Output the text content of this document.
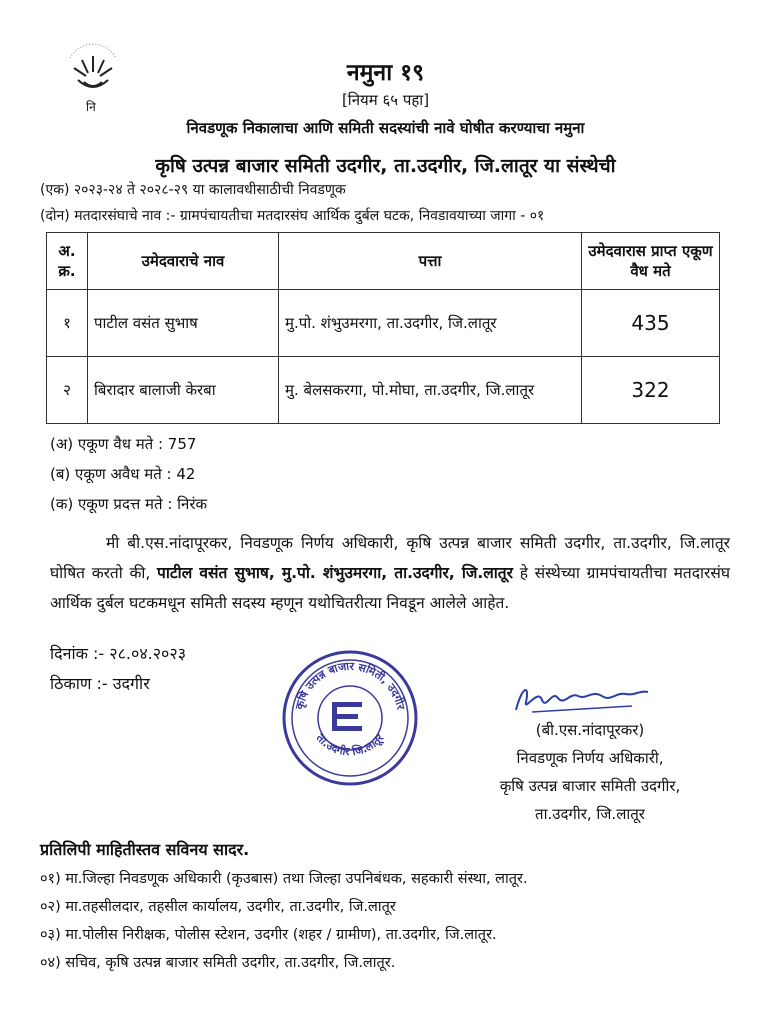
नि
नमुना १९
[नियम ६५ पहा]
निवडणूक निकालाचा आणि समिती सदस्यांची नावे घोषीत करण्याचा नमुना
कृषि उत्पन्न बाजार समिती उदगीर, ता.उदगीर, जि.लातूर या संस्थेची
(एक) २०२३-२४ ते २०२८-२९ या कालावधीसाठीची निवडणूक
(दोन) मतदारसंघाचे नाव :- ग्रामपंचायतीचा मतदारसंघ आर्थिक दुर्बल घटक, निवडावयाच्या जागा - ०१
अ. क्र.	उमेदवाराचे नाव	पत्ता	उमेदवारास प्राप्त एकूण वैध मते
१	पाटील वसंत सुभाष	मु.पो. शंभुउमरगा, ता.उदगीर, जि.लातूर	435
२	बिरादार बालाजी केरबा	मु. बेलसकरगा, पो.मोघा, ता.उदगीर, जि.लातूर	322
(अ) एकूण वैध मते : 757
(ब) एकूण अवैध मते : 42
(क) एकूण प्रदत्त मते : निरंक
मी बी.एस.नांदापूरकर, निवडणूक निर्णय अधिकारी, कृषि उत्पन्न बाजार समिती उदगीर, ता.उदगीर, जि.लातूर घोषित करतो की, पाटील वसंत सुभाष, मु.पो. शंभुउमरगा, ता.उदगीर, जि.लातूर हे संस्थेच्या ग्रामपंचायतीचा मतदारसंघ आर्थिक दुर्बल घटकमधून समिती सदस्य म्हणून यथोचितरीत्या निवडून आलेले आहेत.
दिनांक :- २८.०४.२०२३
ठिकाण :- उदगीर
कृषि उत्पन्न बाजार समिती, उदगीर
ता.उदगीर जि.लातूर	(बी.एस.नांदापूरकर)
निवडणूक निर्णय अधिकारी,
कृषि उत्पन्न बाजार समिती उदगीर,
ता.उदगीर, जि.लातूर
प्रतिलिपी माहितीस्तव सविनय सादर.
०१) मा.जिल्हा निवडणूक अधिकारी (कृउबास) तथा जिल्हा उपनिबंधक, सहकारी संस्था, लातूर.
०२) मा.तहसीलदार, तहसील कार्यालय, उदगीर, ता.उदगीर, जि.लातूर
०३) मा.पोलीस निरीक्षक, पोलीस स्टेशन, उदगीर (शहर / ग्रामीण), ता.उदगीर, जि.लातूर.
०४) सचिव, कृषि उत्पन्न बाजार समिती उदगीर, ता.उदगीर, जि.लातूर.
